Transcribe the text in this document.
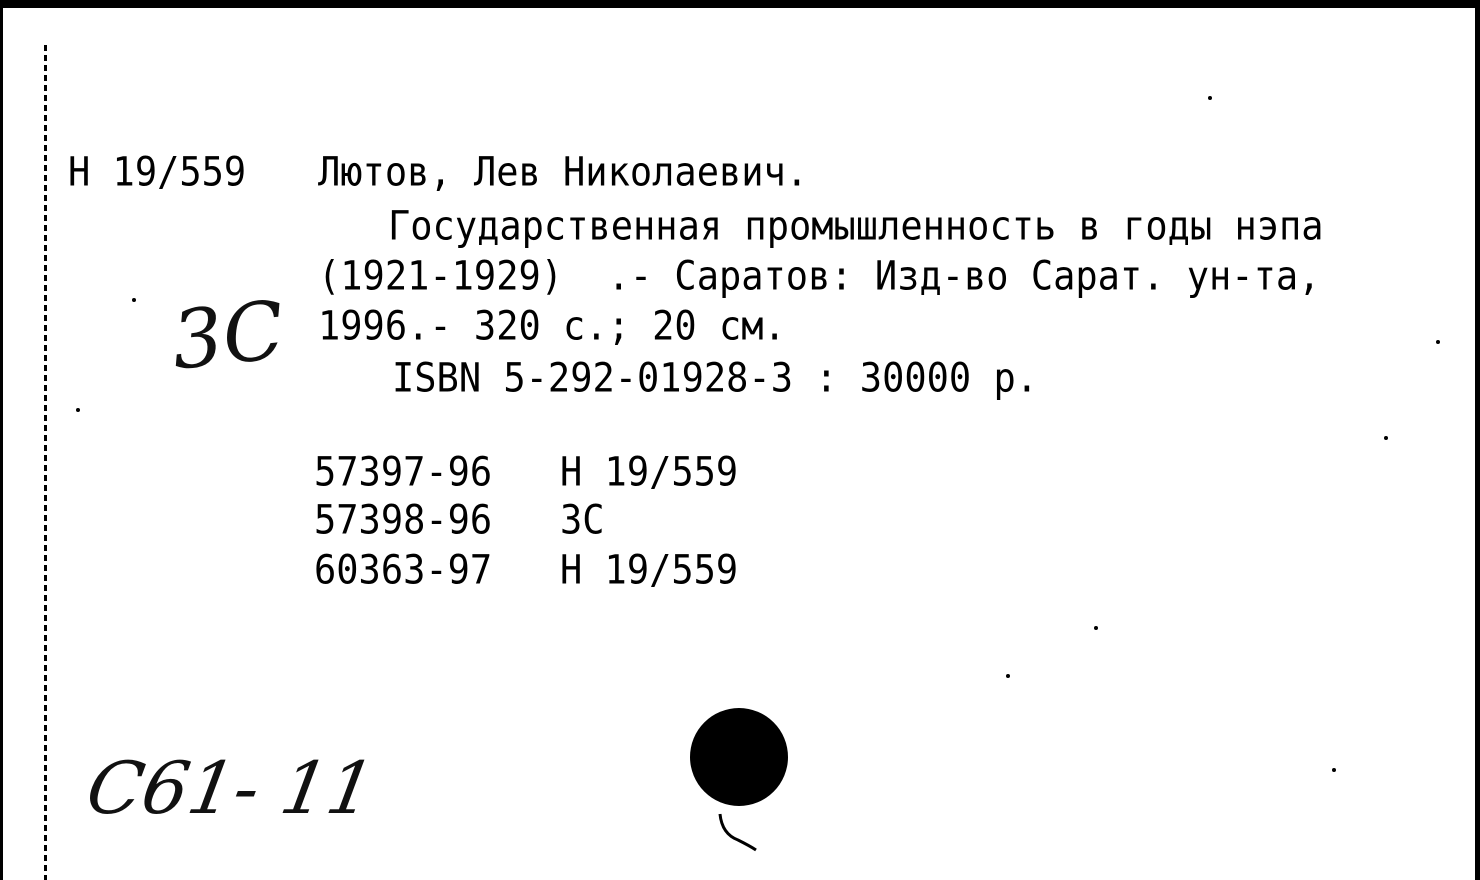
Н 19/559 Лютов, Лев Николаевич.
Государственная промышленность в годы нэпа
(1921-1929)  .- Саратов: Изд-во Сарат. ун-та,
1996.- 320 с.; 20 см.
ISBN 5-292-01928-3 : 30000 р.
57397-96 Н 19/559
57398-96 ЗС
60363-97 Н 19/559
3С
С61- 11
